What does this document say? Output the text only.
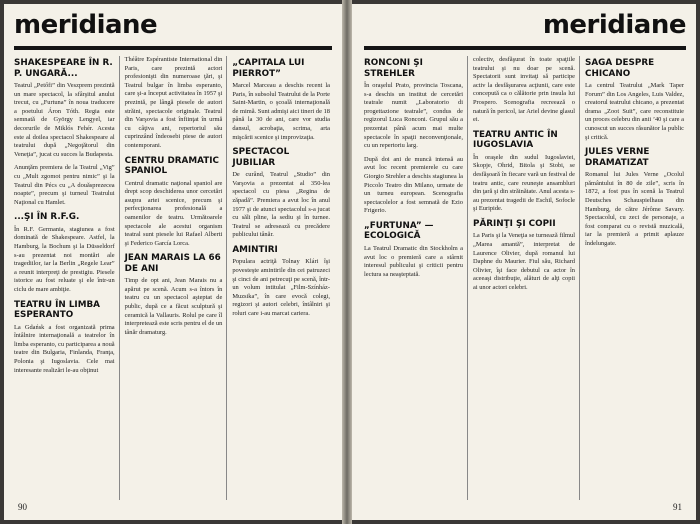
meridiane
SHAKESPEARE ÎN R. P. UNGARĂ...

Teatrul „Petőfi” din Veszprem prezintă un mare spectacol, la sfârşitul anului trecut, cu „Furtuna” în noua traducere a poetului Áron Tóth. Regia este semnată de György Lengyel, iar decorurile de Miklós Fehér. Acesta este al doilea spectacol Shakespeare al teatrului după „Negoţătorul din Veneţia”, jucat cu succes la Budapesta.

Anunţăm premiera de la Teatrul „Vig” cu „Mult zgomot pentru nimic” şi la Teatrul din Pécs cu „A douăsprezecea noapte”, precum şi turneul Teatrului Naţional cu Hamlet.

...ŞI ÎN R.F.G.

În R.F. Germania, stagiunea a fost dominată de Shakespeare. Astfel, la Hamburg, la Bochum şi la Düsseldorf s-au prezentat noi montări ale tragediilor, iar la Berlin „Regele Lear” a reunit interpreţi de prestigiu. Piesele istorice au fost reluate şi ele într-un ciclu de mare ambiţie.

TEATRU ÎN LIMBA ESPERANTO

La Gdańsk a fost organizată prima întâlnire internaţională a teatrelor în limba esperanto, cu participarea a nouă teatre din Bulgaria, Finlanda, Franţa, Polonia şi Iugoslavia. Cele mai interesante realizări le-au obţinut

Théâtre Espérantiste International din Paris, care prezintă actori profesionişti din numeroase ţări, şi Teatrul bulgar în limba esperanto, care şi-a început activitatea în 1957 şi prezintă, pe lângă piesele de autori străini, spectacole originale. Teatrul din Varşovia a fost înfiinţat în urmă cu câţiva ani, repertoriul său cuprinzând îndeosebi piese de autori contemporani.

CENTRU DRAMATIC SPANIOL

Centrul dramatic naţional spaniol are drept scop deschiderea unor cercetări asupra artei scenice, precum şi perfecţionarea profesională a oamenilor de teatru. Următoarele spectacole ale acestui organism teatral sunt piesele lui Rafael Alberti şi Federico García Lorca.

JEAN MARAIS LA 66 DE ANI

Timp de opt ani, Jean Marais nu a apărut pe scenă. Acum s-a întors în teatru cu un spectacol aşteptat de public, după ce a făcut sculptură şi ceramică la Vallauris. Rolul pe care îl interpretează este scris pentru el de un tânăr dramaturg.

„CAPITALA LUI PIERROT”

Marcel Marceau a deschis recent la Paris, în subsolul Teatrului de la Porte Saint-Martin, o şcoală internaţională de mimă. Sunt admişi aici tineri de 18 până la 30 de ani, care vor studia dansul, acrobaţia, scrima, arta mişcării scenice şi improvizaţia.

SPECTACOL JUBILIAR

De curând, Teatrul „Studio” din Varşovia a prezentat al 350-lea spectacol cu piesa „Regina de zăpadă”. Premiera a avut loc în anul 1977 şi de atunci spectacolul s-a jucat cu săli pline, la sediu şi în turnee. Teatrul se adresează cu precădere publicului tânăr.

AMINTIRI

Populara actriţă Tolnay Klári îşi povesteşte amintirile din cei patruzeci şi cinci de ani petrecuţi pe scenă, într-un volum intitulat „Film-Színház-Muzsika”, în care evocă colegi, regizori şi autori celebri, întâlniri şi roluri care i-au marcat cariera.

90
meridiane
RONCONI ŞI STREHLER

În oraşelul Prato, provincia Toscana, s-a deschis un institut de cercetări teatrale numit „Laboratorio di progettazione teatrale”, condus de regizorul Luca Ronconi. Grupul său a prezentat până acum mai multe spectacole în spaţii neconvenţionale, cu un repertoriu larg.

După doi ani de muncă intensă au avut loc recent premierele cu care Giorgio Strehler a deschis stagiunea la Piccolo Teatro din Milano, urmate de un turneu european. Scenografia spectacolelor a fost semnată de Ezio Frigerio.

„FURTUNA” — ECOLOGICĂ

La Teatrul Dramatic din Stockholm a avut loc o premieră care a stârnit interesul publicului şi criticii pentru lectura sa neaşteptată.

colectiv, desfăşurat în toate spaţiile teatrului şi nu doar pe scenă. Spectatorii sunt invitaţi să participe activ la desfăşurarea acţiunii, care este concepută ca o călătorie prin insula lui Prospero. Scenografia recreează o natură în pericol, iar Ariel devine glasul ei.

TEATRU ANTIC ÎN IUGOSLAVIA

În oraşele din sudul Iugoslaviei, Skopje, Ohrid, Bitola şi Stobi, se desfăşoară în fiecare vară un festival de teatru antic, care reuneşte ansambluri din ţară şi din străinătate. Anul acesta s-au prezentat tragedii de Eschil, Sofocle şi Euripide.

PĂRINŢI ŞI COPII

La Paris şi la Veneţia se turnează filmul „Marea amantă”, interpretat de Laurence Olivier, după romanul lui Daphne du Maurier. Fiul său, Richard Olivier, îşi face debutul ca actor în aceeaşi distribuţie, alături de alţi copii ai unor actori celebri.

SAGA DESPRE CHICANO

La centrul Teatrului „Mark Taper Forum” din Los Angeles, Luis Valdez, creatorul teatrului chicano, a prezentat drama „Zoot Suit”, care reconstituie un proces celebru din anii ’40 şi care a cunoscut un succes răsunător la public şi critică.

JULES VERNE DRAMATIZAT

Romanul lui Jules Verne „Ocolul pământului în 80 de zile”, scris în 1872, a fost pus în scenă la Teatrul Deutsches Schauspielhaus din Hamburg, de către Jérôme Savary. Spectacolul, cu zeci de personaje, a fost comparat cu o revistă muzicală, iar la premieră a primit aplauze îndelungate.

91
